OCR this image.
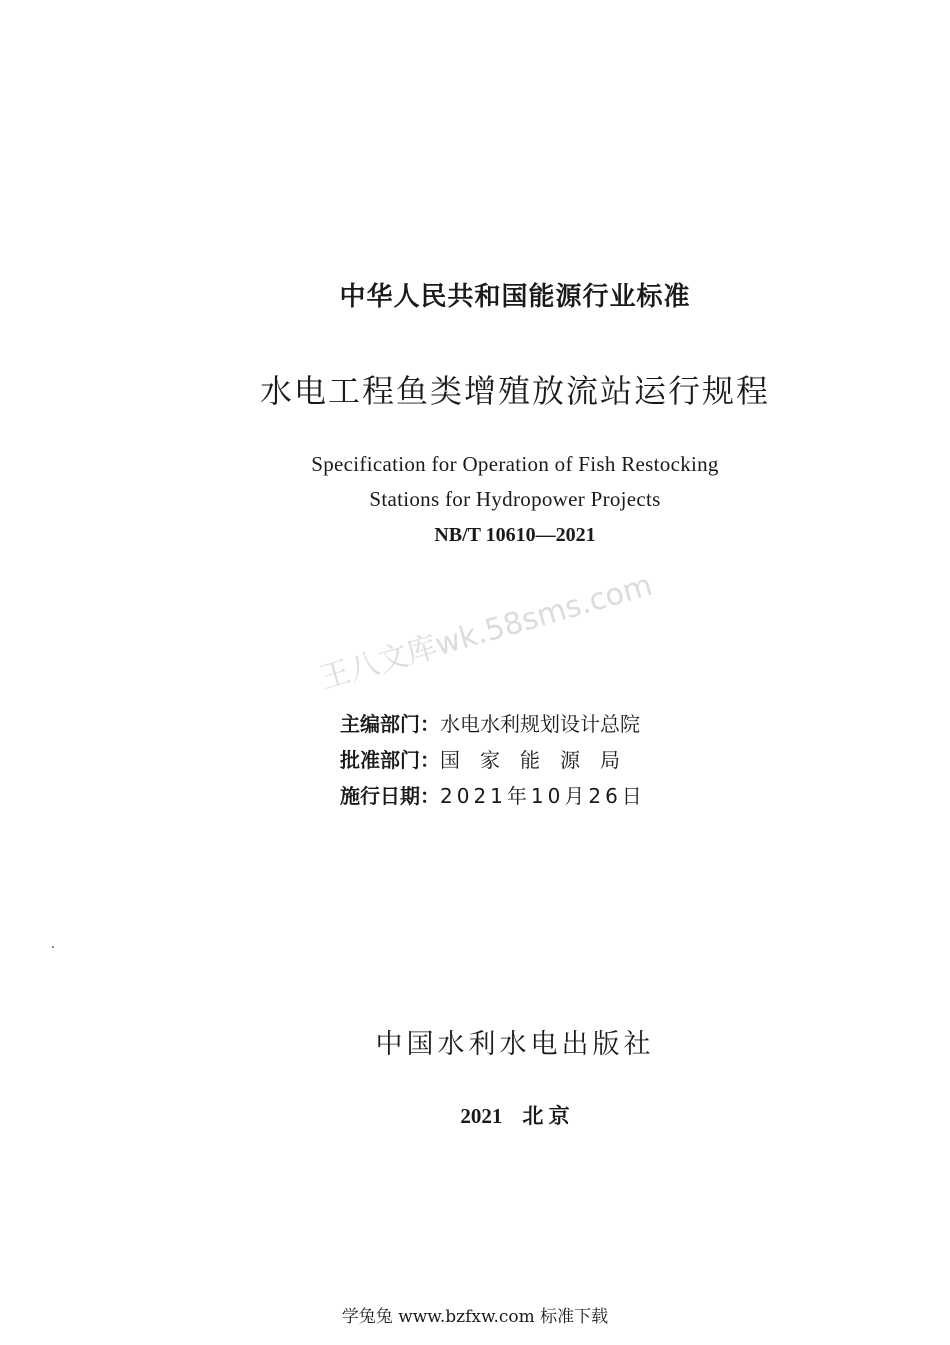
中华人民共和国能源行业标准
水电工程鱼类增殖放流站运行规程
Specification for Operation of Fish Restocking
Stations for Hydropower Projects
NB/T 10610—2021
王八文库wk.58sms.com
主编部门：水电水利规划设计总院
批准部门：国家能源局
施行日期：2021年10月26日
中国水利水电出版社
2021 北 京
学兔兔 www.bzfxw.com 标准下载
